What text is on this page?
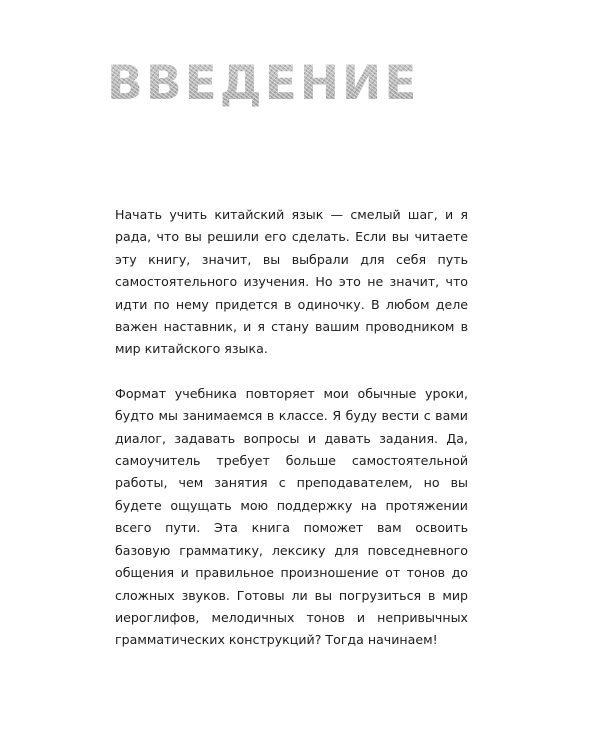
ВВЕДЕНИЕ

Начать учить китайский язык — смелый шаг, и я рада, что вы решили его сделать. Если вы читаете эту книгу, значит, вы выбрали для себя путь самостоятельного изучения. Но это не значит, что идти по нему придется в одиночку. В любом деле важен наставник, и я стану вашим проводником в мир китайского языка.

Формат учебника повторяет мои обычные уроки, будто мы занимаемся в классе. Я буду вести с вами диалог, задавать вопросы и давать задания. Да, самоучитель требует больше самостоятельной работы, чем занятия с преподавателем, но вы будете ощущать мою поддержку на протяжении всего пути. Эта книга поможет вам освоить базовую грамматику, лексику для повседневного общения и правильное произношение от тонов до сложных звуков. Готовы ли вы погрузиться в мир иероглифов, мелодичных тонов и непривычных грамматических конструкций? Тогда начинаем!
